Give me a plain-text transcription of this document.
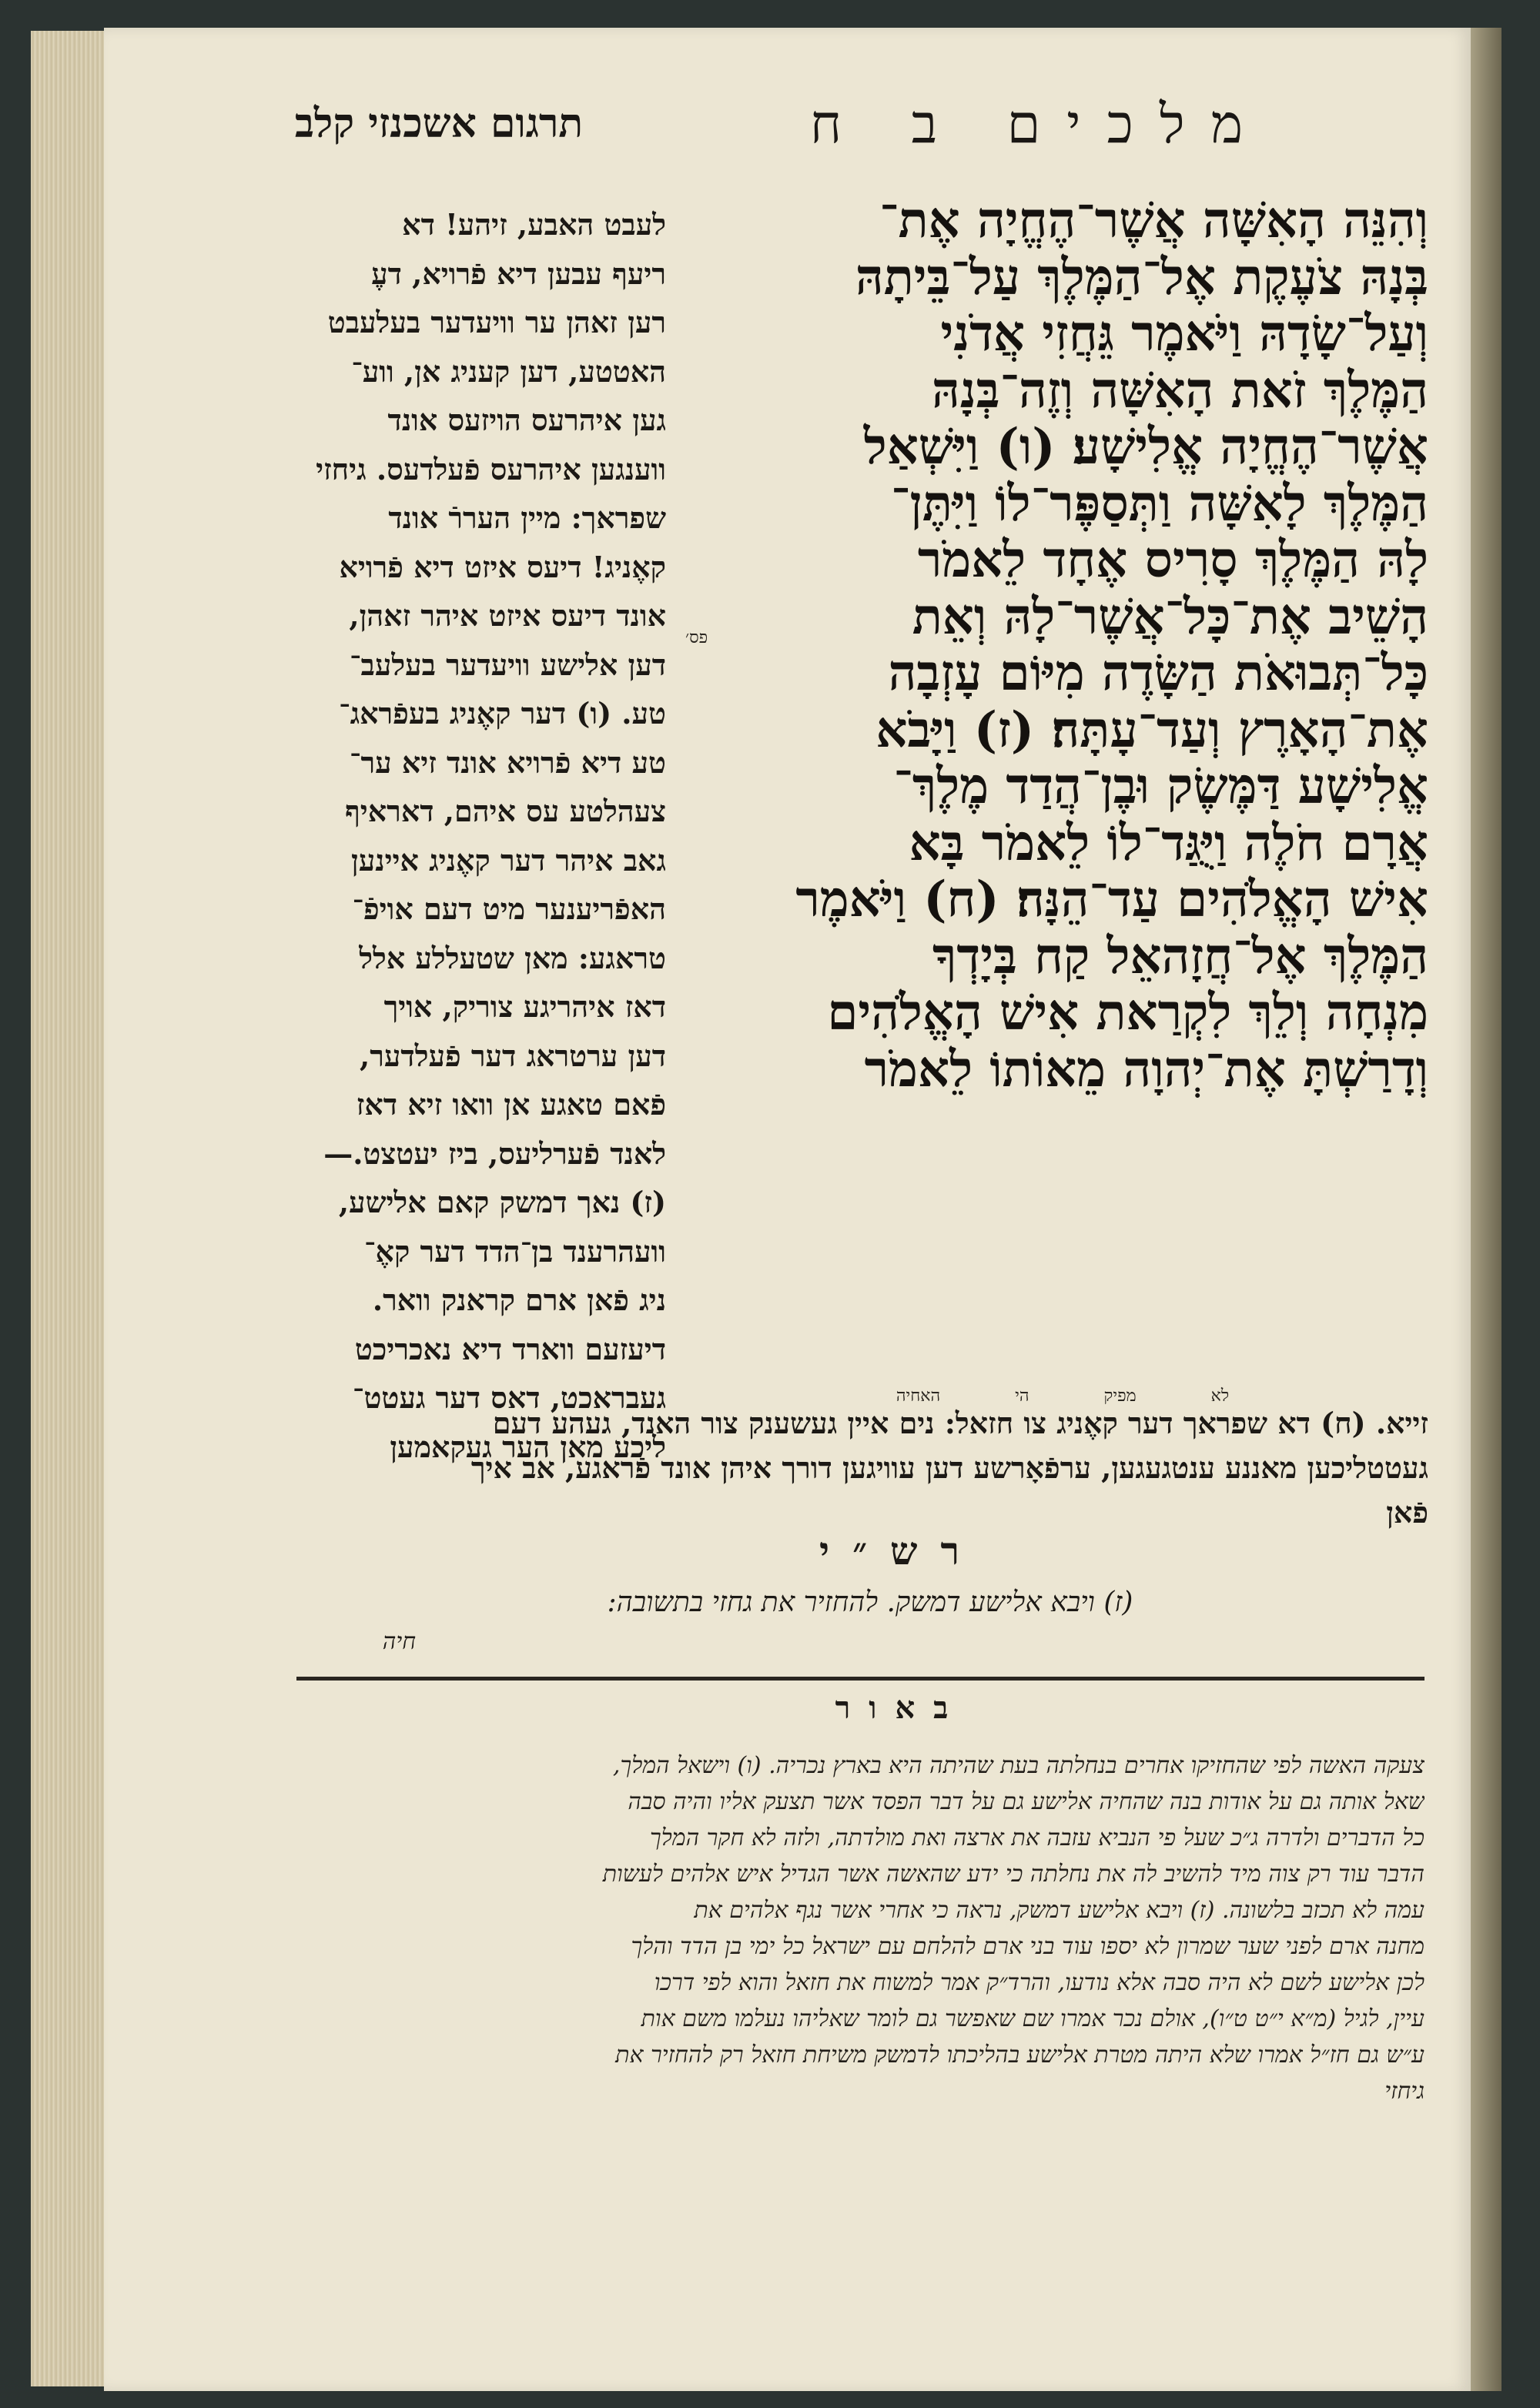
מלכים ב ח
תרגום אשכנזי קלב
וְהִנֵּה הָאִשָּׁה אֲשֶׁר־הֶחֱיָה אֶת־
בְּנָהּ צֹעֶקֶת אֶל־הַמֶּלֶךְ עַל־בֵּיתָהּ
וְעַל־שָׂדָהּ וַיֹּאמֶר גֵּחֲזִי אֲדֹנִי
הַמֶּלֶךְ זֹאת הָאִשָּׁה וְזֶה־בְּנָהּ
אֲשֶׁר־הֶחֱיָה אֱלִישָׁע׃ (ו) וַיִּשְׁאַל
הַמֶּלֶךְ לָאִשָּׁה וַתְּסַפֶּר־לוֹ וַיִּתֶּן־
לָהּ הַמֶּלֶךְ סָרִיס אֶחָד לֵאמֹר
הָשֵׁיב אֶת־כָּל־אֲשֶׁר־לָהּ וְאֵת
כָּל־תְּבוּאֹת הַשָּׂדֶה מִיּוֹם עָזְבָה
אֶת־הָאָרֶץ וְעַד־עָתָּה׃ (ז) וַיָּבֹא
אֱלִישָׁע דַּמֶּשֶׂק וּבֶן־הֲדַד מֶלֶךְ־
אֲרָם חֹלֶה וַיֻּגַּד־לוֹ לֵאמֹר בָּא
אִישׁ הָאֱלֹהִים עַד־הֵנָּה׃ (ח) וַיֹּאמֶר
הַמֶּלֶךְ אֶל־חֲזָהאֵל קַח בְּיָדְךָ
מִנְחָה וְלֵךְ לִקְרַאת אִישׁ הָאֱלֹהִים
וְדָרַשְׁתָּ אֶת־יְהוָה מֵאוֹתוֹ לֵאמֹר
לא מפיק הי האחיה
פס׳
לעבט האבע, זיהע! דא
ריעף עבען דיא פֿרויא, דעֶ
רען זאהן ער וויעדער בעלעבט
האטטע, דען קעניג אן, ווע־
גען איהרעס הויזעס אונד
ווענגען איהרעס פֿעלדעס. גיחזי
שפראך: מיין העררֿ אונד
קאֶניג! דיעס איזט דיא פֿרויא
אונד דיעס איזט איהר זאהן,
דען אלישע וויעדער בעלעב־
טע. (ו) דער קאֶניג בעפֿראג־
טע דיא פֿרויא אונד זיא ער־
צעהלטע עס איהם, דאראיף
גאב איהר דער קאֶניג איינען
האפֿריענער מיט דעם אויפֿ־
טראגע: מאן שטעללע אלל
דאז איהריגע צוריק, אויך
דען ערטראג דער פֿעלדער,
פֿאם טאגע אן וואו זיא דאז
לאנד פֿערליעס, ביז יעטצט.—
(ז) נאך דמשק קאם אלישע,
וועהרענד בן־הדד דער קאֶ־
ניג פֿאן ארם קראנק וואר.
דיעזעם ווארד דיא נאכריכט
געבראכט, דאס דער געטט־
ליכע מאן הער געקאמען
זייא. (ח) דא שפראך דער קאֶניג צו חזאל: נים איין געשענק צור האנד, געהע דעם
געטטליכען מאננע ענטגעגען, ערפֿאָרשע דען עוויגען דורך איהן אונד פֿראגע, אב איך
פֿאן
רש״י
(ז) ויבא אלישע דמשק. להחזיר את גחזי בתשובה:
חיה
באור
צעקה האשה לפי שהחזיקו אחרים בנחלתה בעת שהיתה היא בארץ נכריה. (ו) וישאל המלך,
שאל אותה גם על אודות בנה שהחיה אלישע גם על דבר הפסד אשר תצעק אליו והיה סבה
כל הדברים ולדרה ג״כ שעל פי הנביא עזבה את ארצה ואת מולדתה, ולזה לא חקר המלך
הדבר עוד רק צוה מיד להשיב לה את נחלתה כי ידע שהאשה אשר הגדיל איש אלהים לעשות
עמה לא תכזב בלשונה. (ז) ויבא אלישע דמשק, נראה כי אחרי אשר נגף אלהים את
מחנה ארם לפני שער שמרון לא יספו עוד בני ארם להלחם עם ישראל כל ימי בן הדד והלך
לכן אלישע לשם לא היה סבה אלא נודעו, והרד״ק אמר למשוח את חזאל והוא לפי דרכו
עיין, לגיל (מ״א י״ט ט״ו), אולם נכר אמרו שם שאפשר גם לומר שאליהו נעלמו משם אות
ע״ש גם חז״ל אמרו שלא היתה מטרת אלישע בהליכתו לדמשק משיחת חזאל רק להחזיר את
גיחזי
